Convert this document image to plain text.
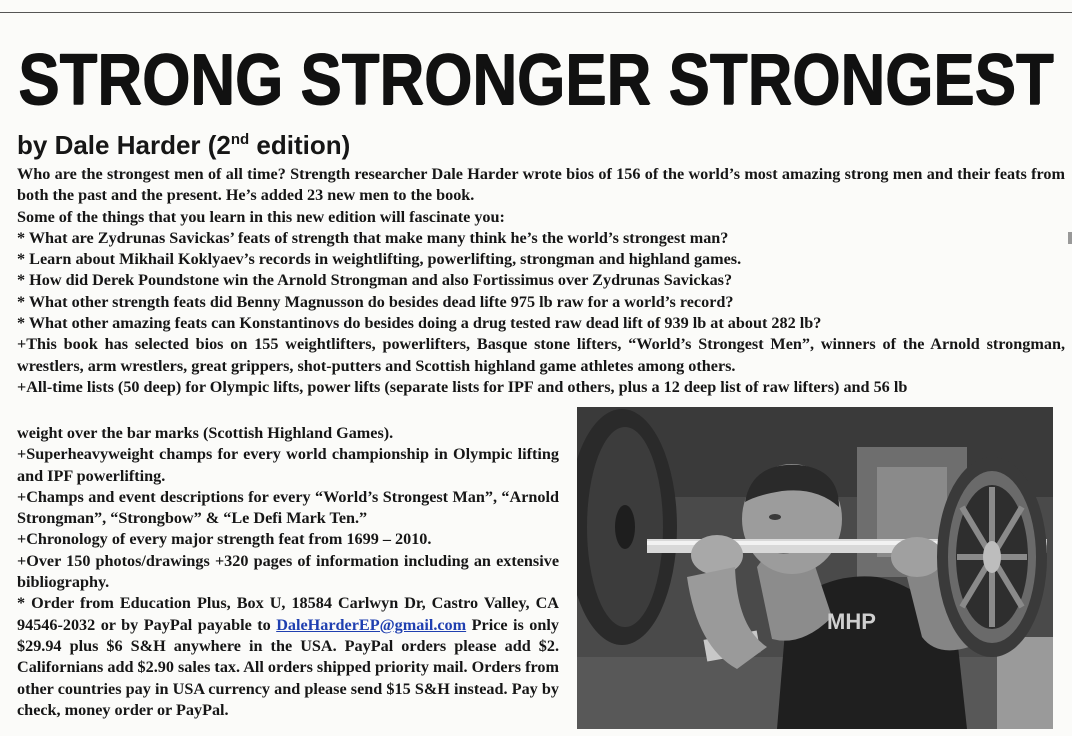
STRONG STRONGER STRONGEST
by Dale Harder (2nd edition)

Who are the strongest men of all time? Strength researcher Dale Harder wrote bios of 156 of the world’s most amazing strong men and their feats from both the past and the present. He’s added 23 new men to the book.

Some of the things that you learn in this new edition will fascinate you:

* What are Zydrunas Savickas’ feats of strength that make many think he’s the world’s strongest man?

* Learn about Mikhail Koklyaev’s records in weightlifting, powerlifting, strongman and highland games.

* How did Derek Poundstone win the Arnold Strongman and also Fortissimus over Zydrunas Savickas?

* What other strength feats did Benny Magnusson do besides dead lifte 975 lb raw for a world’s record?

* What other amazing feats can Konstantinovs do besides doing a drug tested raw dead lift of 939 lb at about 282 lb?

+This book has selected bios on 155 weightlifters, powerlifters, Basque stone lifters, “World’s Strongest Men”, winners of the Arnold strongman, wrestlers, arm wrestlers, great grippers, shot-putters and Scottish highland game athletes among others.

+All-time lists (50 deep) for Olympic lifts, power lifts (separate lists for IPF and others, plus a 12 deep list of raw lifters) and 56 lb

weight over the bar marks (Scottish Highland Games).

+Superheavyweight champs for every world championship in Olympic lifting and IPF powerlifting.

+Champs and event descriptions for every “World’s Strongest Man”, “Arnold Strongman”, “Strongbow” & “Le Defi Mark Ten.”

+Chronology of every major strength feat from 1699 – 2010.

+Over 150 photos/drawings +320 pages of information including an extensive bibliography.

* Order from Education Plus, Box U, 18584 Carlwyn Dr, Castro Valley, CA 94546-2032 or by PayPal payable to DaleHarderEP@gmail.com Price is only $29.94 plus $6 S&H anywhere in the USA. PayPal orders please add $2. Californians add $2.90 sales tax. All orders shipped priority mail. Orders from other countries pay in USA currency and please send $15 S&H instead. Pay by check, money order or PayPal.

MHP
